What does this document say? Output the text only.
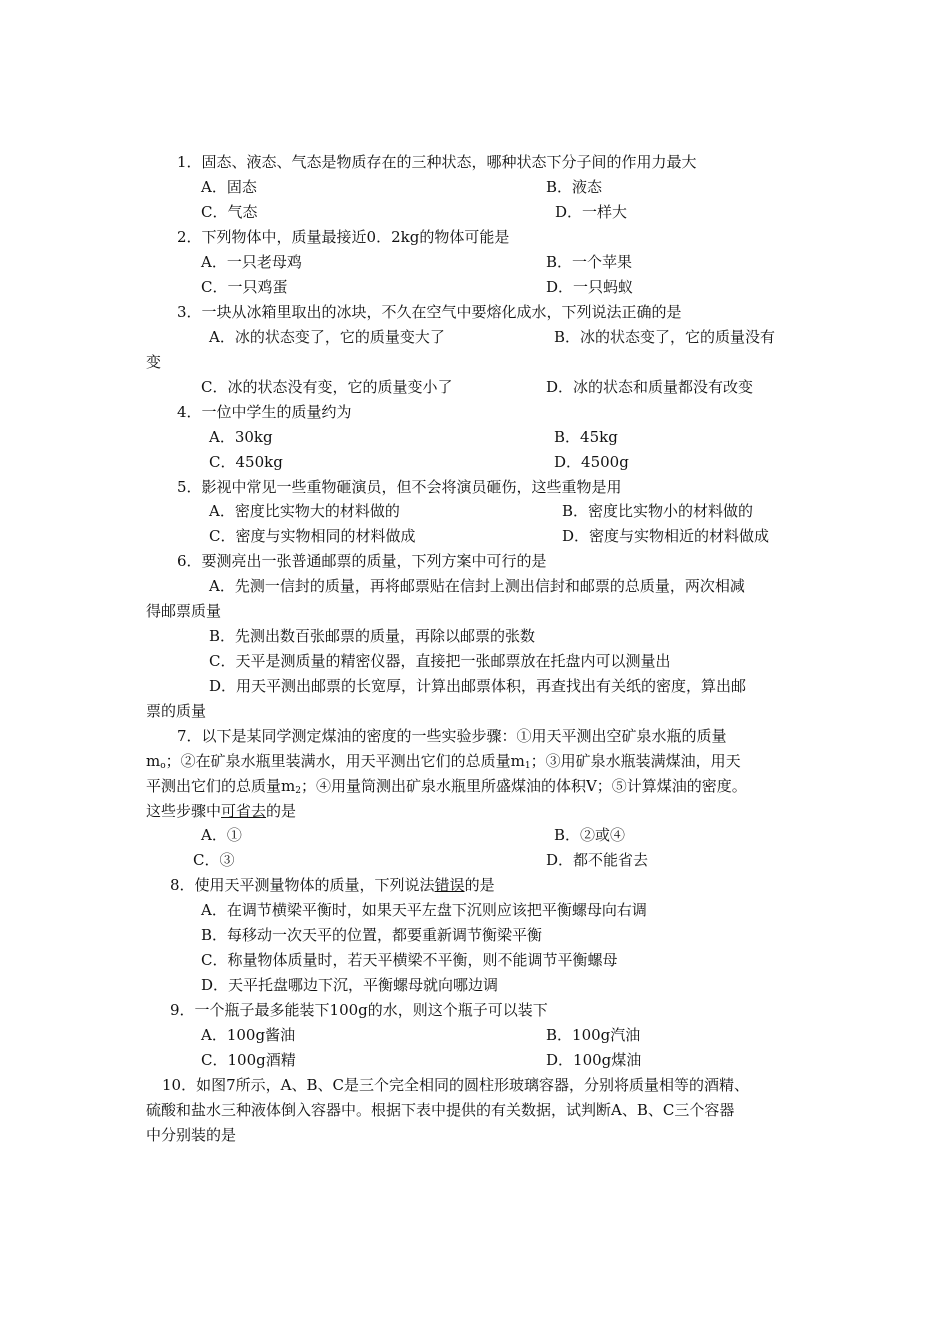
1．固态、液态、气态是物质存在的三种状态，哪种状态下分子间的作用力最大
A．固态	B．液态
C．气态	D．一样大
2．下列物体中，质量最接近0．2kg的物体可能是
A．一只老母鸡	B．一个苹果
C．一只鸡蛋	D．一只蚂蚁
3．一块从冰箱里取出的冰块，不久在空气中要熔化成水，下列说法正确的是
A．冰的状态变了，它的质量变大了	B．冰的状态变了，它的质量没有
变
C．冰的状态没有变，它的质量变小了	D．冰的状态和质量都没有改变
4．一位中学生的质量约为
A．30kg	B．45kg
C．450kg	D．4500g
5．影视中常见一些重物砸演员，但不会将演员砸伤，这些重物是用
A．密度比实物大的材料做的	B．密度比实物小的材料做的
C．密度与实物相同的材料做成	D．密度与实物相近的材料做成
6．要测亮出一张普通邮票的质量，下列方案中可行的是
A．先测一信封的质量，再将邮票贴在信封上测出信封和邮票的总质量，两次相减
得邮票质量
B．先测出数百张邮票的质量，再除以邮票的张数
C．天平是测质量的精密仪器，直接把一张邮票放在托盘内可以测量出
D．用天平测出邮票的长宽厚，计算出邮票体积，再查找出有关纸的密度，算出邮
票的质量
7．以下是某同学测定煤油的密度的一些实验步骤：①用天平测出空矿泉水瓶的质量
$m_o$；②在矿泉水瓶里装满水，用天平测出它们的总质量$m_1$；③用矿泉水瓶装满煤油，用天
平测出它们的总质量$m_2$；④用量筒测出矿泉水瓶里所盛煤油的体积V；⑤计算煤油的密度。
这些步骤中可省去的是
A．①	B．②或④
C．③	D．都不能省去
8．使用天平测量物体的质量，下列说法错误的是
A．在调节横梁平衡时，如果天平左盘下沉则应该把平衡螺母向右调
B．每移动一次天平的位置，都要重新调节衡梁平衡
C．称量物体质量时，若天平横梁不平衡，则不能调节平衡螺母
D．天平托盘哪边下沉，平衡螺母就向哪边调
9．一个瓶子最多能装下100g的水，则这个瓶子可以装下
A．100g酱油	B．100g汽油
C．100g酒精	D．100g煤油
10．如图7所示，A、B、C是三个完全相同的圆柱形玻璃容器，分别将质量相等的酒精、
硫酸和盐水三种液体倒入容器中。根据下表中提供的有关数据，试判断A、B、C三个容器
中分别装的是
